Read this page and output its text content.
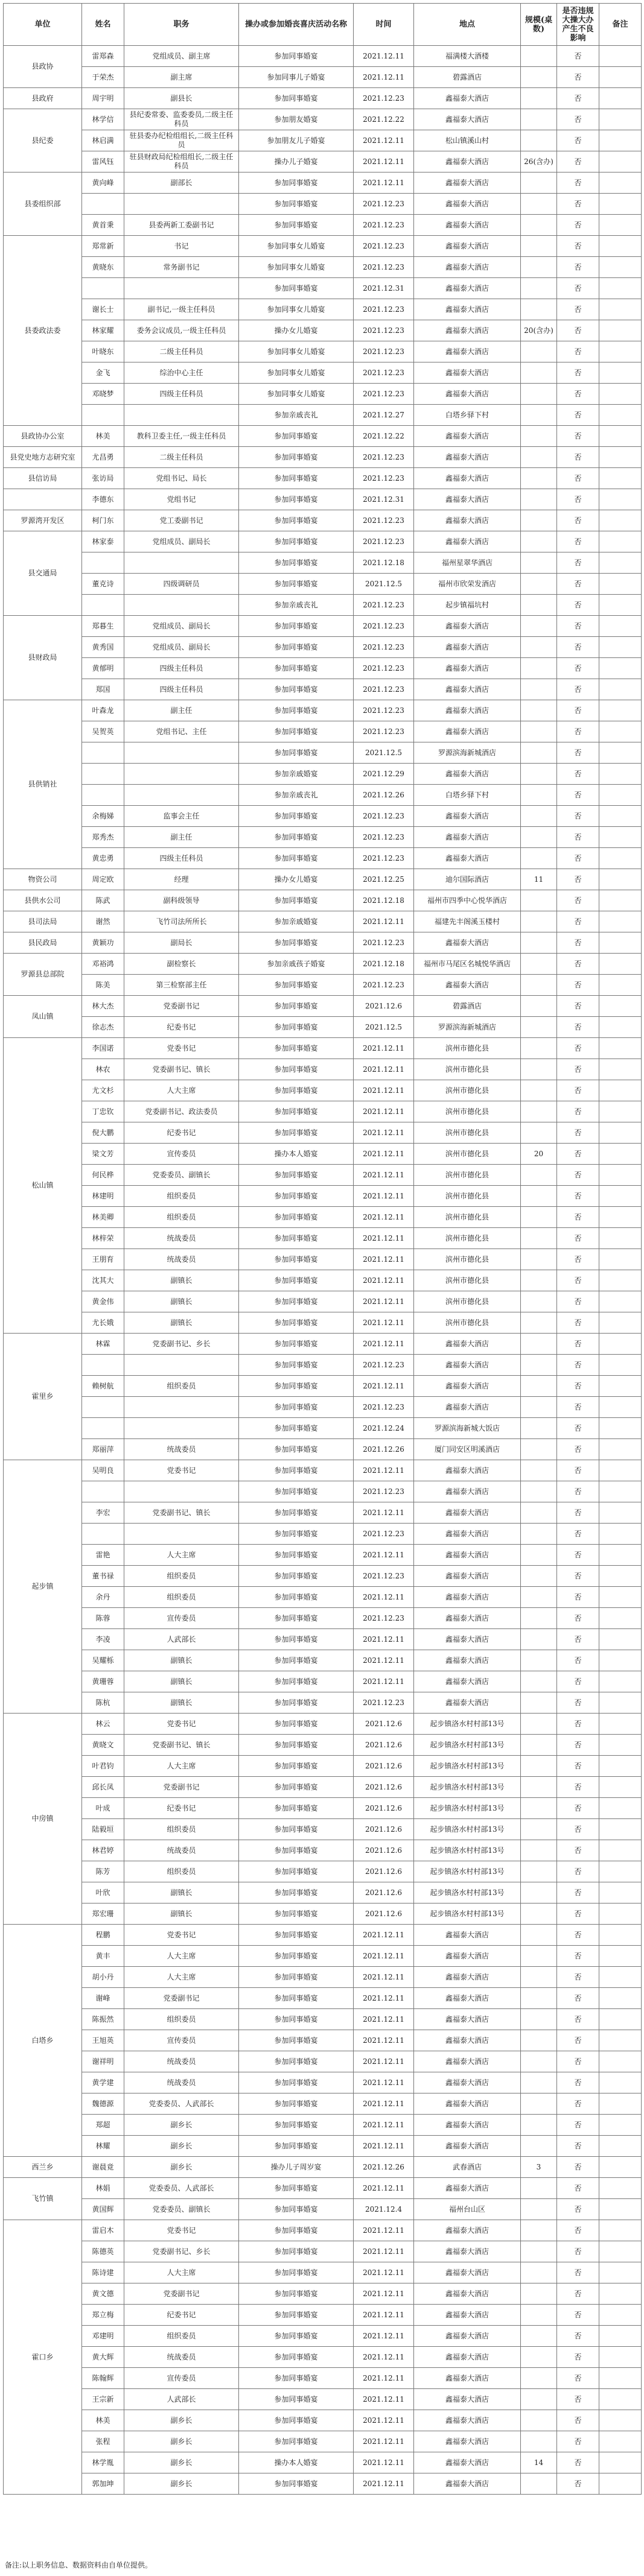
单位	姓名	职务	操办或参加婚丧喜庆活动名称	时间	地点	规模(桌数)	是否违规大操大办产生不良影响	备注
县政协	雷郑森	党组成员、副主席	参加同事婚宴	2021.12.11	福满楼大酒楼		否	
	于荣杰	副主席	参加同事儿子婚宴	2021.12.11	碧露酒店		否	
县政府	周宇明	副县长	参加同事婚宴	2021.12.23	鑫福泰大酒店		否	
县纪委	林学信	县纪委常委、监委委员,二级主任科员	参加朋友婚宴	2021.12.22	鑫福泰大酒店		否	
	林启满	驻县委办纪检组组长,二级主任科员	参加朋友儿子婚宴	2021.12.11	松山镇溪山村		否	
	雷风钰	驻县财政局纪检组组长,二级主任科员	操办儿子婚宴	2021.12.11	鑫福泰大酒店	26(含办)	否	
县委组织部	黄向峰	副部长	参加同事婚宴	2021.12.11	鑫福泰大酒店		否	
			参加同事婚宴	2021.12.23	鑫福泰大酒店		否	
	黄首秉	县委两新工委副书记	参加同事婚宴	2021.12.23	鑫福泰大酒店		否	
县委政法委	郑常新	书记	参加同事女儿婚宴	2021.12.23	鑫福泰大酒店		否	
	黄晓东	常务副书记	参加同事女儿婚宴	2021.12.23	鑫福泰大酒店		否	
			参加同事婚宴	2021.12.31	鑫福泰大酒店		否	
	谢长士	副书记,一级主任科员	参加同事女儿婚宴	2021.12.23	鑫福泰大酒店		否	
	林家耀	委务会议成员,一级主任科员	操办女儿婚宴	2021.12.23	鑫福泰大酒店	20(含办)	否	
	叶晓东	二级主任科员	参加同事女儿婚宴	2021.12.23	鑫福泰大酒店		否	
	金飞	综治中心主任	参加同事女儿婚宴	2021.12.23	鑫福泰大酒店		否	
	邓晓梦	四级主任科员	参加同事女儿婚宴	2021.12.23	鑫福泰大酒店		否	
			参加亲戚丧礼	2021.12.27	白塔乡驿下村		否	
县政协办公室	林美	教科卫委主任,一级主任科员	参加同事婚宴	2021.12.22	鑫福泰大酒店		否	
县党史地方志研究室	尤昌勇	二级主任科员	参加同事婚宴	2021.12.23	鑫福泰大酒店		否	
县信访局	张访局	党组书记、局长	参加同事婚宴	2021.12.23	鑫福泰大酒店		否	
	李德东	党组书记	参加同事婚宴	2021.12.31	鑫福泰大酒店		否	
罗源湾开发区	柯门东	党工委副书记	参加同事婚宴	2021.12.23	鑫福泰大酒店		否	
县交通局	林家泰	党组成员、副局长	参加同事婚宴	2021.12.23	鑫福泰大酒店		否	
			参加同事婚宴	2021.12.18	福州星翠华酒店		否	
	董克诗	四级调研员	参加同事婚宴	2021.12.5	福州市欣荣发酒店		否	
			参加亲戚丧礼	2021.12.23	起步镇福坑村		否	
县财政局	郑暮生	党组成员、副局长	参加同事婚宴	2021.12.23	鑫福泰大酒店		否	
	黄秀国	党组成员、副局长	参加同事婚宴	2021.12.23	鑫福泰大酒店		否	
	黄郁明	四级主任科员	参加同事婚宴	2021.12.23	鑫福泰大酒店		否	
	郑国	四级主任科员	参加同事婚宴	2021.12.23	鑫福泰大酒店		否	
县供销社	叶森龙	副主任	参加同事婚宴	2021.12.23	鑫福泰大酒店		否	
	吴贺英	党组书记、主任	参加同事婚宴	2021.12.23	鑫福泰大酒店		否	
			参加同事婚宴	2021.12.5	罗源滨海新城酒店		否	
			参加亲戚婚宴	2021.12.29	鑫福泰大酒店		否	
			参加亲戚丧礼	2021.12.26	白塔乡驿下村		否	
	余梅娣	监事会主任	参加同事婚宴	2021.12.23	鑫福泰大酒店		否	
	郑秀杰	副主任	参加同事婚宴	2021.12.23	鑫福泰大酒店		否	
	黄忠勇	四级主任科员	参加同事婚宴	2021.12.23	鑫福泰大酒店		否	
物资公司	周定欧	经理	操办女儿婚宴	2021.12.25	迪尔国际酒店	11	否	
县供水公司	陈武	副科级领导	参加同事婚宴	2021.12.18	福州市四季中心悦华酒店		否	
县司法局	谢然	飞竹司法所所长	参加亲戚婚宴	2021.12.11	福建先丰阁溪玉楼村		否	
县民政局	黄颖功	副局长	参加同事婚宴	2021.12.23	鑫福泰大酒店		否	
罗源县总部院	邓裕鸿	副检察长	参加亲戚孩子婚宴	2021.12.18	福州市马尾区名城悦华酒店		否	
	陈美	第三检察部主任	参加同事婚宴	2021.12.23	鑫福泰大酒店		否	
凤山镇	林大杰	党委副书记	参加同事婚宴	2021.12.6	碧露酒店		否	
	徐志杰	纪委书记	参加同事婚宴	2021.12.5	罗源滨海新城酒店		否	
松山镇	李国诺	党委书记	参加同事婚宴	2021.12.11	滨州市德化县		否	
	林农	党委副书记、镇长	参加同事婚宴	2021.12.11	滨州市德化县		否	
	尤文杉	人大主席	参加同事婚宴	2021.12.11	滨州市德化县		否	
	丁忠钦	党委副书记、政法委员	参加同事婚宴	2021.12.11	滨州市德化县		否	
	倪大鹏	纪委书记	参加同事婚宴	2021.12.11	滨州市德化县		否	
	梁文芳	宣传委员	操办本人婚宴	2021.12.11	滨州市德化县	20	否	
	何民桦	党委委员、副镇长	参加同事婚宴	2021.12.11	滨州市德化县		否	
	林建明	组织委员	参加同事婚宴	2021.12.11	滨州市德化县		否	
	林美卿	组织委员	参加同事婚宴	2021.12.11	滨州市德化县		否	
	林梓荣	统战委员	参加同事婚宴	2021.12.11	滨州市德化县		否	
	王朋育	统战委员	参加同事婚宴	2021.12.11	滨州市德化县		否	
	沈其大	副镇长	参加同事婚宴	2021.12.11	滨州市德化县		否	
	黄金伟	副镇长	参加同事婚宴	2021.12.11	滨州市德化县		否	
	尤长娥	副镇长	参加同事婚宴	2021.12.11	滨州市德化县		否	
霍里乡	林霖	党委副书记、乡长	参加同事婚宴	2021.12.11	鑫福泰大酒店		否	
			参加同事婚宴	2021.12.23	鑫福泰大酒店		否	
	赖树航	组织委员	参加同事婚宴	2021.12.11	鑫福泰大酒店		否	
			参加同事婚宴	2021.12.23	鑫福泰大酒店		否	
			参加同事婚宴	2021.12.24	罗源滨海新城大饭店		否	
	郑丽萍	统战委员	参加同事婚宴	2021.12.26	厦门同安区明溪酒店		否	
起步镇	吴明良	党委书记	参加同事婚宴	2021.12.11	鑫福泰大酒店		否	
			参加同事婚宴	2021.12.23	鑫福泰大酒店		否	
	李宏	党委副书记、镇长	参加同事婚宴	2021.12.11	鑫福泰大酒店		否	
			参加同事婚宴	2021.12.23	鑫福泰大酒店		否	
	雷艳	人大主席	参加同事婚宴	2021.12.11	鑫福泰大酒店		否	
	董书禄	组织委员	参加同事婚宴	2021.12.23	鑫福泰大酒店		否	
	余丹	组织委员	参加同事婚宴	2021.12.11	鑫福泰大酒店		否	
	陈蓉	宣传委员	参加同事婚宴	2021.12.23	鑫福泰大酒店		否	
	李凌	人武部长	参加同事婚宴	2021.12.11	鑫福泰大酒店		否	
	吴耀栎	副镇长	参加同事婚宴	2021.12.11	鑫福泰大酒店		否	
	黄珊蓉	副镇长	参加同事婚宴	2021.12.11	鑫福泰大酒店		否	
	陈杭	副镇长	参加同事婚宴	2021.12.23	鑫福泰大酒店		否	
中房镇	林云	党委书记	参加同事婚宴	2021.12.6	起步镇洛水村村部13号		否	
	黄晓文	党委副书记、镇长	参加同事婚宴	2021.12.6	起步镇洛水村村部13号		否	
	叶君钧	人大主席	参加同事婚宴	2021.12.6	起步镇洛水村村部13号		否	
	邱长凤	党委副书记	参加同事婚宴	2021.12.6	起步镇洛水村村部13号		否	
	叶成	纪委书记	参加同事婚宴	2021.12.6	起步镇洛水村村部13号		否	
	陆毅垣	组织委员	参加同事婚宴	2021.12.6	起步镇洛水村村部13号		否	
	林君婷	统战委员	参加同事婚宴	2021.12.6	起步镇洛水村村部13号		否	
	陈芳	组织委员	参加同事婚宴	2021.12.6	起步镇洛水村村部13号		否	
	叶欣	副镇长	参加同事婚宴	2021.12.6	起步镇洛水村村部13号		否	
	郑宏珊	副镇长	参加同事婚宴	2021.12.6	起步镇洛水村村部13号		否	
白塔乡	程鹏	党委书记	参加同事婚宴	2021.12.11	鑫福泰大酒店		否	
	黄丰	人大主席	参加同事婚宴	2021.12.11	鑫福泰大酒店		否	
	胡小丹	人大主席	参加同事婚宴	2021.12.11	鑫福泰大酒店		否	
	谢峰	党委副书记	参加同事婚宴	2021.12.11	鑫福泰大酒店		否	
	陈振然	组织委员	参加同事婚宴	2021.12.11	鑫福泰大酒店		否	
	王旭英	宣传委员	参加同事婚宴	2021.12.11	鑫福泰大酒店		否	
	谢祥明	统战委员	参加同事婚宴	2021.12.11	鑫福泰大酒店		否	
	黄学建	统战委员	参加同事婚宴	2021.12.11	鑫福泰大酒店		否	
	魏德源	党委委员、人武部长	参加同事婚宴	2021.12.11	鑫福泰大酒店		否	
	郑超	副乡长	参加同事婚宴	2021.12.11	鑫福泰大酒店		否	
	林耀	副乡长	参加同事婚宴	2021.12.11	鑫福泰大酒店		否	
西兰乡	谢晨竟	副乡长	操办儿子周岁宴	2021.12.26	武春酒店	3	否	
飞竹镇	林娟	党委委员、人武部长	参加同事婚宴	2021.12.11	鑫福泰大酒店		否	
	黄国辉	党委委员、副镇长	参加同事婚宴	2021.12.4	福州台山区		否	
霍口乡	雷启木	党委书记	参加同事婚宴	2021.12.11	鑫福泰大酒店		否	
	陈德英	党委副书记、乡长	参加同事婚宴	2021.12.11	鑫福泰大酒店		否	
	陈诗建	人大主席	参加同事婚宴	2021.12.11	鑫福泰大酒店		否	
	黄文德	党委副书记	参加同事婚宴	2021.12.11	鑫福泰大酒店		否	
	郑立梅	纪委书记	参加同事婚宴	2021.12.11	鑫福泰大酒店		否	
	邓建明	组织委员	参加同事婚宴	2021.12.11	鑫福泰大酒店		否	
	黄大辉	统战委员	参加同事婚宴	2021.12.11	鑫福泰大酒店		否	
	陈翰辉	宣传委员	参加同事婚宴	2021.12.11	鑫福泰大酒店		否	
	王宗新	人武部长	参加同事婚宴	2021.12.11	鑫福泰大酒店		否	
	林美	副乡长	参加同事婚宴	2021.12.11	鑫福泰大酒店		否	
	张程	副乡长	参加同事婚宴	2021.12.11	鑫福泰大酒店		否	
	林学胤	副乡长	操办本人婚宴	2021.12.11	鑫福泰大酒店	14	否	
	郭加坤	副乡长	参加同事婚宴	2021.12.11	鑫福泰大酒店		否	
备注:以上职务信息、数据资料由自单位提供。
